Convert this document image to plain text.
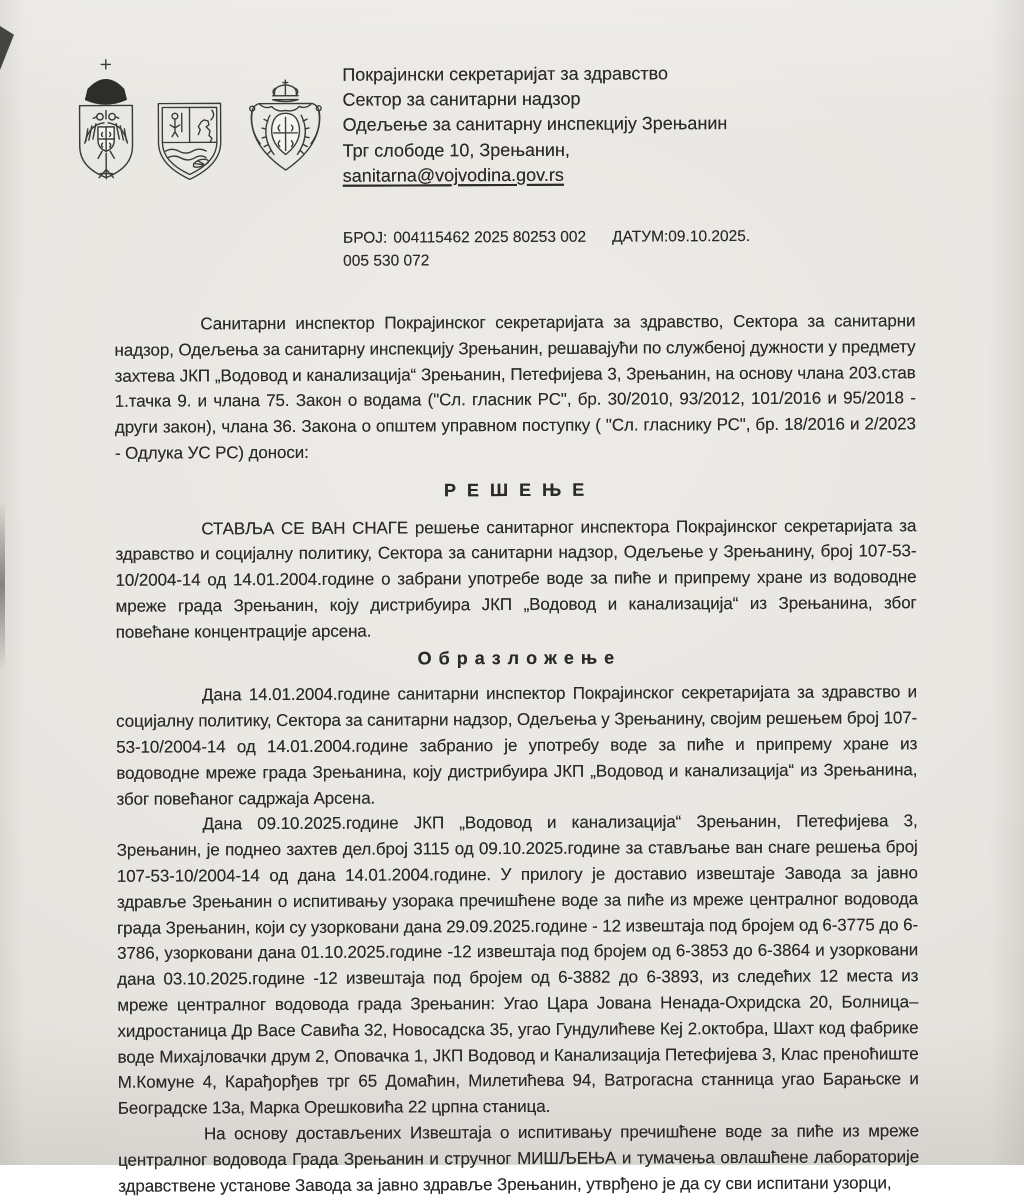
Покрајински секретаријат за здравство
Сектор за санитарни надзор
Одељење за санитарну инспекцију Зрењанин
Трг слободе 10, Зрењанин,
sanitarna@vojvodina.gov.rs
БРОЈ: 004115462 2025 80253 002 ДАТУМ:09.10.2025.
005 530 072

Санитарни инспектор Покрајинског секретаријата за здравство, Сектора за санитарни надзор, Одељења за санитарну инспекцију Зрењанин, решавајући по службеној дужности у предмету захтева ЈКП „Водовод и канализација“ Зрењанин, Петефијева 3, Зрењанин, на основу члана 203.став 1.тачка 9. и члана 75. Закон о водама ("Сл. гласник РС", бр. 30/2010, 93/2012, 101/2016 и 95/2018 - други закон), члана 36. Закона о општем управном поступку ( "Сл. гласнику РС", бр. 18/2016 и 2/2023 - Одлука УС РС) доноси:

Р Е Ш Е Њ Е

СТАВЉА СЕ ВАН СНАГЕ решење санитарног инспектора Покрајинског секретаријата за здравство и социјалну политику, Сектора за санитарни надзор, Одељење у Зрењанину, број 107-53-10/2004-14 од 14.01.2004.године о забрани употребе воде за пиће и припрему хране из водоводне мреже града Зрењанин, коју дистрибуира ЈКП „Водовод и канализација“ из Зрењанина, због повећане концентрације арсена.

О б р а з л о ж е њ е

Дана 14.01.2004.године санитарни инспектор Покрајинског секретаријата за здравство и социјалну политику, Сектора за санитарни надзор, Одељења у Зрењанину, својим решењем број 107-53-10/2004-14 од 14.01.2004.године забранио је употребу воде за пиће и припрему хране из водоводне мреже града Зрењанина, коју дистрибуира ЈКП „Водовод и канализација“ из Зрењанина, због повећаног садржаја Арсена.

Дана 09.10.2025.године ЈКП „Водовод и канализација“ Зрењанин, Петефијева 3, Зрењанин, је поднео захтев дел.број 3115 од 09.10.2025.године за стављање ван снаге решења број 107-53-10/2004-14 од дана 14.01.2004.године. У прилогу је доставио извештаје Завода за јавно здравље Зрењанин о испитивању узорака пречишћене воде за пиће из мреже централног водовода града Зрењанин, који су узорковани дана 29.09.2025.године - 12 извештаја под бројем од 6-3775 до 6-3786, узорковани дана 01.10.2025.године -12 извештаја под бројем од 6-3853 до 6-3864 и узорковани дана 03.10.2025.године -12 извештаја под бројем од 6-3882 до 6-3893, из следећих 12 места из мреже централног водовода града Зрењанин: Угао Цара Јована Ненада-Охридска 20, Болница–хидростаница Др Васе Савића 32, Новосадска 35, угао Гундулићеве Кеј 2.октобра, Шахт код фабрике воде Михајловачки друм 2, Оповачка 1, ЈКП Водовод и Канализација Петефијева 3, Клас преноћиште М.Комуне 4, Карађорђев трг 65 Домаћин, Милетићева 94, Ватрогасна станница угао Барањске и Београдске 13а, Марка Орешковића 22 црпна станица.

На основу достављених Извештаја о испитивању пречишћене воде за пиће из мреже централног водовода Града Зрењанин и стручног МИШЉЕЊА и тумачења овлашћене лабораторије здравствене установе Завода за јавно здравље Зрењанин, утврђено је да су сви испитани узорци,
